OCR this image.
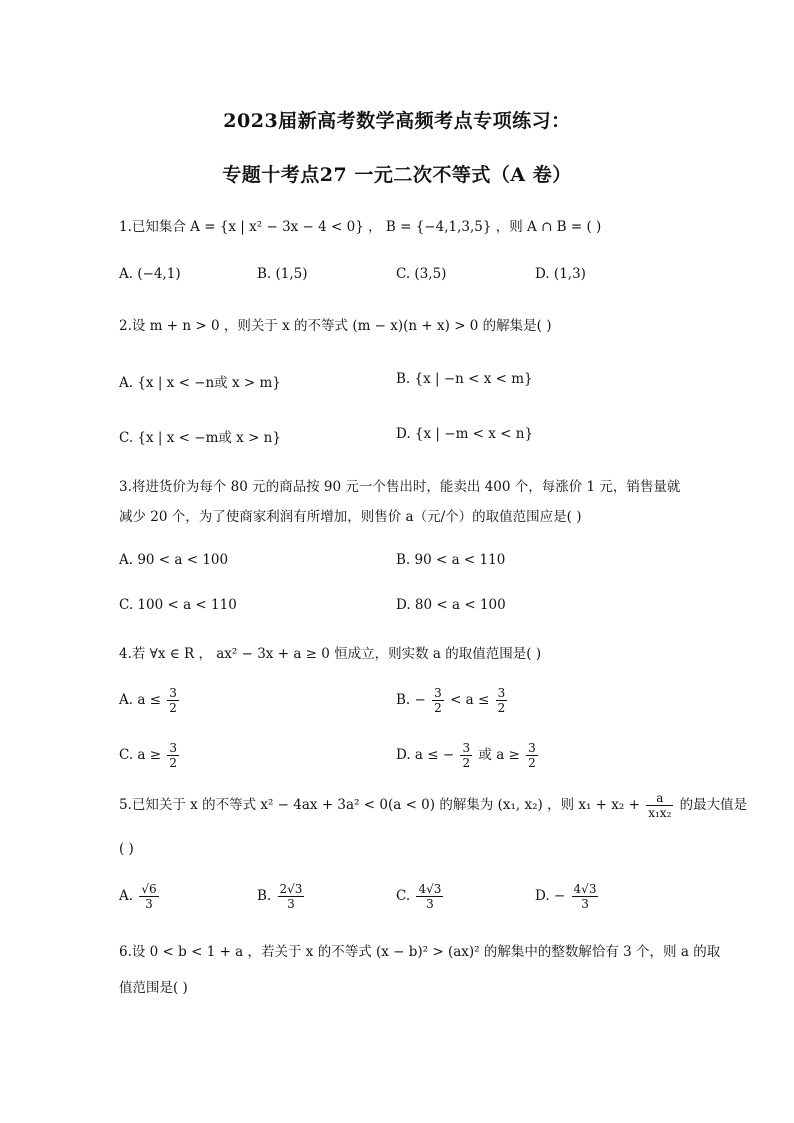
2023届新高考数学高频考点专项练习：
专题十考点27 一元二次不等式（A 卷）
1.已知集合 A = {x | x² − 3x − 4 < 0} ， B = {−4,1,3,5} ，则 A ∩ B = ( )
A. (−4,1)	B. (1,5)	C. (3,5)	D. (1,3)
2.设 m + n > 0 ，则关于 x 的不等式 (m − x)(n + x) > 0 的解集是( )
A. {x | x < −n或 x > m}	B. {x | −n < x < m}
C. {x | x < −m或 x > n}	D. {x | −m < x < n}
3.将进货价为每个 80 元的商品按 90 元一个售出时，能卖出 400 个，每涨价 1 元，销售量就
减少 20 个，为了使商家利润有所增加，则售价 a（元/个）的取值范围应是( )
A. 90 < a < 100	B. 90 < a < 110
C. 100 < a < 110	D. 80 < a < 100
4.若 ∀x ∈ R ， ax² − 3x + a ≥ 0 恒成立，则实数 a 的取值范围是( )
A. $a \le \frac{3}{2}$	B. − $\frac{3}{2} < a \le \frac{3}{2}$
C. $a \ge \frac{3}{2}$	D. a ≤ − $\frac{3}{2}$ 或 $a \ge \frac{3}{2}$
5.已知关于 x 的不等式 x² − 4ax + 3a² < 0(a < 0) 的解集为 (x₁, x₂) ，则 $x_1 + x_2 + \frac{a}{\text{x₁x₂}}$ 的最大值是
( )
A. $\frac{√6}{3}$	B. $\frac{2√3}{3}$	C. $\frac{4√3}{3}$	D. − $\frac{4√3}{3}$
6.设 0 < b < 1 + a ，若关于 x 的不等式 (x − b)² > (ax)² 的解集中的整数解恰有 3 个，则 a 的取
值范围是( )
